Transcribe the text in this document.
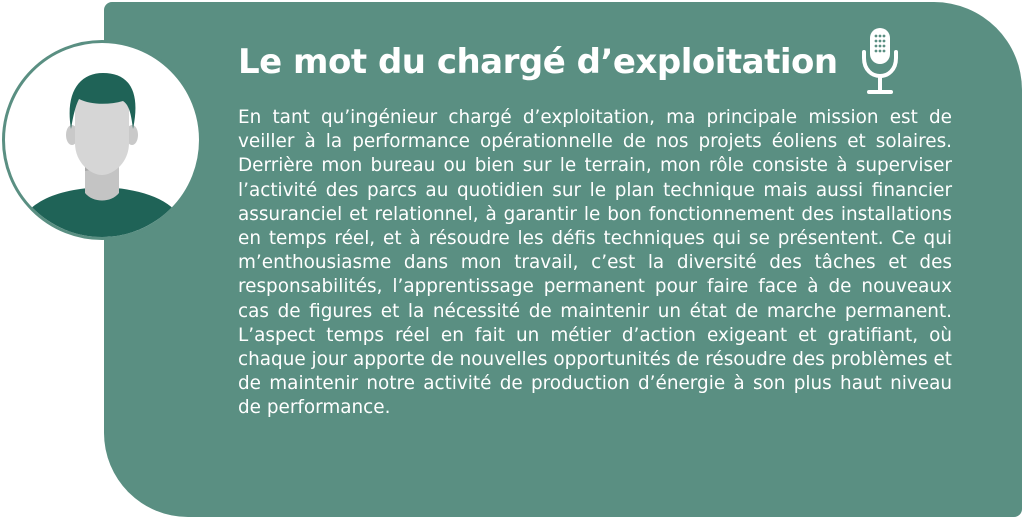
Le mot du chargé d’exploitation

En tant qu’ingénieur chargé d’exploitation, ma principale mission est de veiller à la performance opérationnelle de nos projets éoliens et solaires. Derrière mon bureau ou bien sur le terrain, mon rôle consiste à superviser l’activité des parcs au quotidien sur le plan technique mais aussi financier assuranciel et relationnel, à garantir le bon fonctionnement des installations en temps réel, et à résoudre les défis techniques qui se présentent. Ce qui m’enthousiasme dans mon travail, c’est la diversité des tâches et des responsabilités, l’apprentissage permanent pour faire face à de nouveaux cas de figures et la nécessité de maintenir un état de marche permanent. L’aspect temps réel en fait un métier d’action exigeant et gratifiant, où chaque jour apporte de nouvelles opportunités de résoudre des problèmes et de maintenir notre activité de production d’énergie à son plus haut niveau de performance.
